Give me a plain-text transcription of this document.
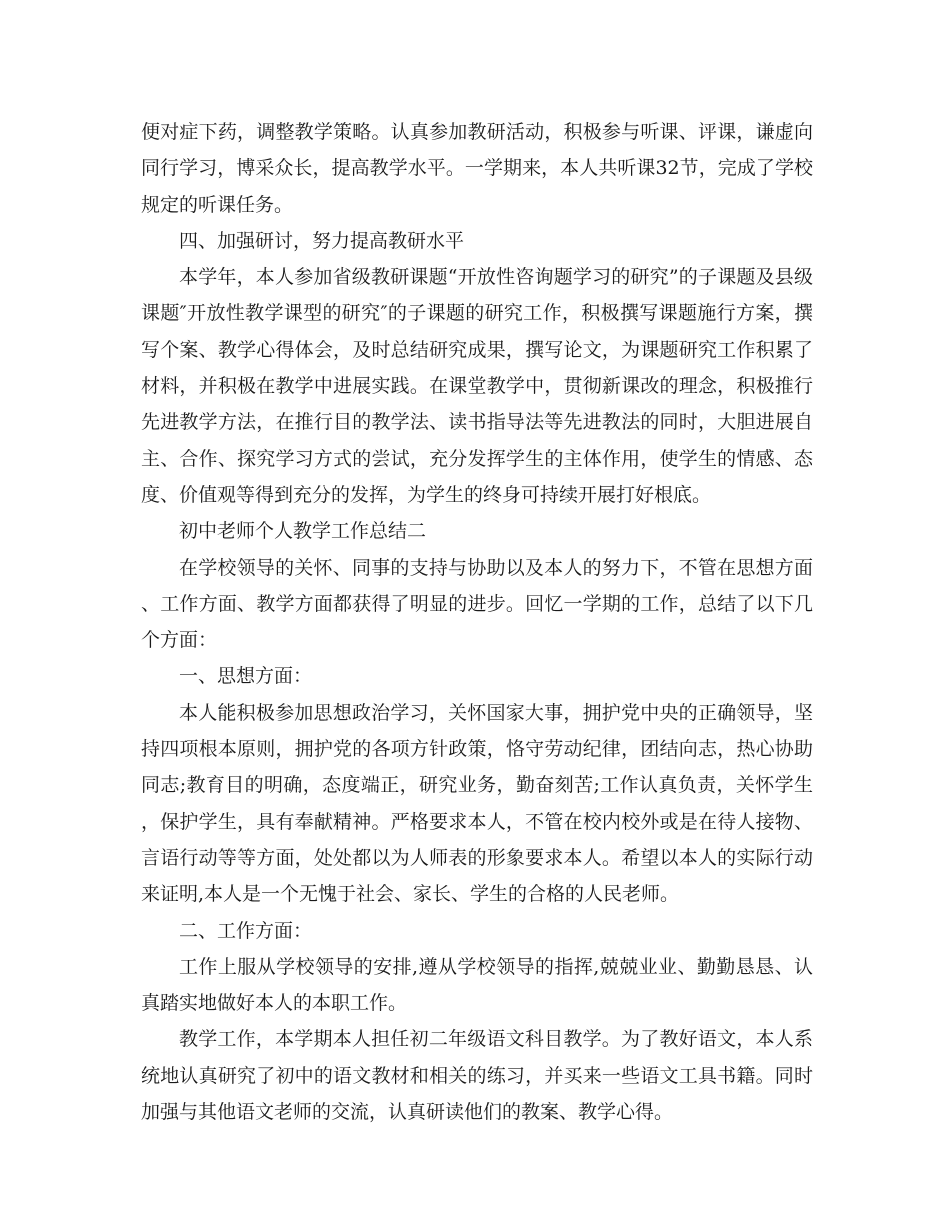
便对症下药，调整教学策略。认真参加教研活动，积极参与听课、评课，谦虚向同行学习，博采众长，提高教学水平。一学期来，本人共听课32节，完成了学校规定的听课任务。

四、加强研讨，努力提高教研水平

本学年，本人参加省级教研课题“开放性咨询题学习的研究”的子课题及县级课题″开放性教学课型的研究″的子课题的研究工作，积极撰写课题施行方案，撰写个案、教学心得体会，及时总结研究成果，撰写论文，为课题研究工作积累了材料，并积极在教学中进展实践。在课堂教学中，贯彻新课改的理念，积极推行先进教学方法，在推行目的教学法、读书指导法等先进教法的同时，大胆进展自主、合作、探究学习方式的尝试，充分发挥学生的主体作用，使学生的情感、态度、价值观等得到充分的发挥，为学生的终身可持续开展打好根底。

初中老师个人教学工作总结二

在学校领导的关怀、同事的支持与协助以及本人的努力下，不管在思想方面、工作方面、教学方面都获得了明显的进步。回忆一学期的工作，总结了以下几个方面：

一、思想方面：

本人能积极参加思想政治学习，关怀国家大事，拥护党中央的正确领导，坚持四项根本原则，拥护党的各项方针政策，恪守劳动纪律，团结向志，热心协助同志;教育目的明确，态度端正，研究业务，勤奋刻苦;工作认真负责，关怀学生，保护学生，具有奉献精神。严格要求本人，不管在校内校外或是在待人接物、言语行动等等方面，处处都以为人师表的形象要求本人。希望以本人的实际行动来证明,本人是一个无愧于社会、家长、学生的合格的人民老师。

二、工作方面：

工作上服从学校领导的安排,遵从学校领导的指挥,兢兢业业、勤勤恳恳、认真踏实地做好本人的本职工作。

教学工作，本学期本人担任初二年级语文科目教学。为了教好语文，本人系统地认真研究了初中的语文教材和相关的练习，并买来一些语文工具书籍。同时加强与其他语文老师的交流，认真研读他们的教案、教学心得。
